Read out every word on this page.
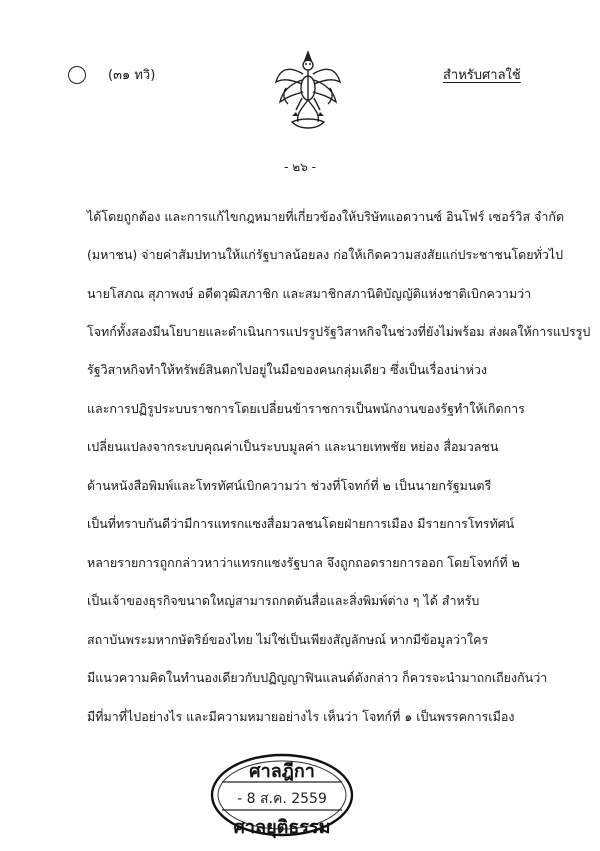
(๓๑ ทวิ)	สำหรับศาลใช้
- ๒๖ -
ได้โดยถูกต้อง และการแก้ไขกฎหมายที่เกี่ยวข้องให้บริษัทแอดวานซ์ อินโฟร์ เซอร์วิส จำกัด
(มหาชน) จ่ายค่าสัมปทานให้แก่รัฐบาลน้อยลง ก่อให้เกิดความสงสัยแก่ประชาชนโดยทั่วไป
นายโสภณ สุภาพงษ์ อดีตวุฒิสภาชิก และสมาชิกสภานิติบัญญัติแห่งชาติเบิกความว่า
โจทก์ทั้งสองมีนโยบายและดำเนินการแปรรูปรัฐวิสาหกิจในช่วงที่ยังไม่พร้อม ส่งผลให้การแปรรูป
รัฐวิสาหกิจทำให้ทรัพย์สินตกไปอยู่ในมือของคนกลุ่มเดียว ซึ่งเป็นเรื่องน่าห่วง
และการปฏิรูประบบราชการโดยเปลี่ยนข้าราชการเป็นพนักงานของรัฐทำให้เกิดการ
เปลี่ยนแปลงจากระบบคุณค่าเป็นระบบมูลค่า และนายเทพชัย หย่อง สื่อมวลชน
ด้านหนังสือพิมพ์และโทรทัศน์เบิกความว่า ช่วงที่โจทก์ที่ ๒ เป็นนายกรัฐมนตรี
เป็นที่ทราบกันดีว่ามีการแทรกแซงสื่อมวลชนโดยฝ่ายการเมือง มีรายการโทรทัศน์
หลายรายการถูกกล่าวหาว่าแทรกแซงรัฐบาล จึงถูกถอดรายการออก โดยโจทก์ที่ ๒
เป็นเจ้าของธุรกิจขนาดใหญ่สามารถกดดันสื่อและสิ่งพิมพ์ต่าง ๆ ได้ สำหรับ
สถาบันพระมหากษัตริย์ของไทย ไม่ใช่เป็นเพียงสัญลักษณ์ หากมีข้อมูลว่าใคร
มีแนวความคิดในทำนองเดียวกับปฏิญญาฟินแลนด์ดังกล่าว ก็ควรจะนำมาถกเถียงกันว่า
มีที่มาที่ไปอย่างไร และมีความหมายอย่างไร เห็นว่า โจทก์ที่ ๑ เป็นพรรคการเมือง
ศาลฎีกา
- 8 ส.ค. 2559
ศาลยุติธรรม
